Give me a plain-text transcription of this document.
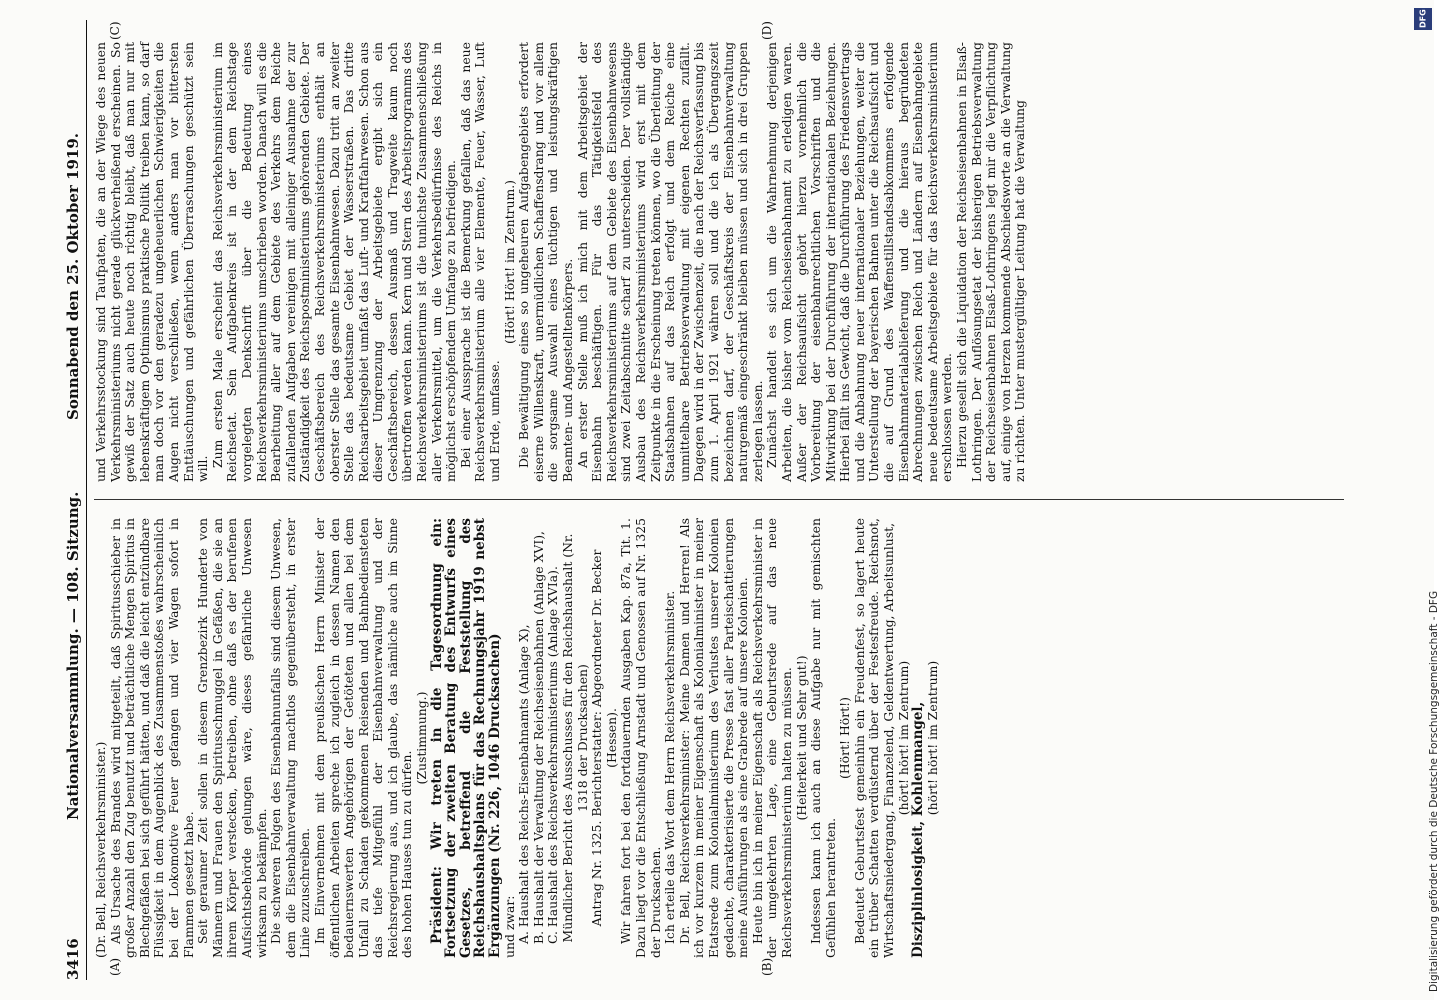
3416
Nationalversammlung. — 108. Sitzung.
Sonnabend den 25. Oktober 1919.
(A)	(B)
(C)	(D)

(Dr. Bell, Reichsverkehrsminister.) Als Ursache des Brandes wird mitgeteilt, daß Spiritusschieber in großer Anzahl den Zug benutzt und beträchtliche Mengen Spiritus in Blechgefäßen bei sich geführt hätten, und daß die leicht entzündbare Flüssigkeit in dem Augenblick des Zusammenstoßes wahrscheinlich bei der Lokomotive Feuer gefangen und vier Wagen sofort in Flammen gesetzt habe. Seit geraumer Zeit sollen in diesem Grenzbezirk Hunderte von Männern und Frauen den Spiritusschmuggel in Gefäßen, die sie an ihrem Körper verstecken, betreiben, ohne daß es der berufenen Aufsichtsbehörde gelungen wäre, dieses gefährliche Unwesen wirksam zu bekämpfen. Die schweren Folgen des Eisenbahnunfalls sind diesem Unwesen, dem die Eisenbahnverwaltung machtlos gegenübersteht, in erster Linie zuzuschreiben. Im Einvernehmen mit dem preußischen Herrn Minister der öffentlichen Arbeiten spreche ich zugleich in dessen Namen den bedauernswerten Angehörigen der Getöteten und allen bei dem Unfall zu Schaden gekommenen Reisenden und Bahnbediensteten das tiefe Mitgefühl der Eisenbahnverwaltung und der Reichsregierung aus, und ich glaube, das nämliche auch im Sinne des hohen Hauses tun zu dürfen.

(Zustimmung.) Präsident: Wir treten in die Tagesordnung ein: Fortsetzung der zweiten Beratung des Entwurfs eines Gesetzes, betreffend die Feststellung des Reichshaushaltsplans für das Rechnungsjahr 1919 nebst Ergänzungen (Nr. 226, 1046 Drucksachen)

und zwar: A. Haushalt des Reichs-Eisenbahnamts (Anlage X), B. Haushalt der Verwaltung der Reichseisenbahnen (Anlage XVI), C. Haushalt des Reichsverkehrsministeriums (Anlage XVIa). Mündlicher Bericht des Ausschusses für den Reichshaushalt (Nr. 1318 der Drucksachen) Antrag Nr. 1325. Berichterstatter: Abgeordneter Dr. Becker (Hessen). Wir fahren fort bei den fortdauernden Ausgaben Kap. 87a, Tit. 1. Dazu liegt vor die Entschließung Arnstadt und Genossen auf Nr. 1325 der Drucksachen. Ich erteile das Wort dem Herrn Reichsverkehrsminister. Dr. Bell, Reichsverkehrsminister: Meine Damen und Herren! Als ich vor kurzem in meiner Eigenschaft als Kolonialminister in meiner Etatsrede zum Kolonialministerium des Verlustes unserer Kolonien gedachte, charakterisierte die Presse fast aller Parteischattierungen meine Ausführungen als eine Grabrede auf unsere Kolonien. Heute bin ich in meiner Eigenschaft als Reichsverkehrsminister in der umgekehrten Lage, eine Geburtsrede auf das neue Reichsverkehrsministerium halten zu müssen. (Heiterkeit und Sehr gut!) Indessen kann ich auch an diese Aufgabe nur mit gemischten Gefühlen herantreten.

(Hört! Hört!) Bedeutet Geburtsfest gemeinhin ein Freudenfest, so lagert heute ein trüber Schatten verdüsternd über der Festesfreude. Reichsnot, Wirtschaftsniedergang, Finanzelend, Geldentwertung, Arbeitsunlust, (hört! hört! im Zentrum) Disziplinlosigkeit, Kohlenmangel,

(hört! hört! im Zentrum)

und Verkehrsstockung sind Taufpaten, die an der Wiege des neuen Verkehrsministeriums nicht gerade glückverheißend erscheinen. So gewiß der Satz auch heute noch richtig bleibt, daß man nur mit lebenskräftigem Optimismus praktische Politik treiben kann, so darf man doch vor den geradezu ungeheuerlichen Schwierigkeiten die Augen nicht verschließen, wenn anders man vor bittersten Enttäuschungen und gefährlichen Überraschungen geschützt sein will.

Zum ersten Male erscheint das Reichsverkehrsministerium im Reichsetat. Sein Aufgabenkreis ist in der dem Reichstage vorgelegten Denkschrift über die Bedeutung eines Reichsverkehrsministeriums umschrieben worden. Danach will es die Bearbeitung aller auf dem Gebiete des Verkehrs dem Reiche zufallenden Aufgaben vereinigen mit alleiniger Ausnahme der zur Zuständigkeit des Reichspostministeriums gehörenden Gebiete. Der Geschäftsbereich des Reichsverkehrsministeriums enthält an oberster Stelle das gesamte Eisenbahnwesen. Dazu tritt an zweiter Stelle das bedeutsame Gebiet der Wasserstraßen. Das dritte Reichsarbeitsgebiet umfaßt das Luft- und Kraftfahrwesen. Schon aus dieser Umgrenzung der Arbeitsgebiete ergibt sich ein Geschäftsbereich, dessen Ausmaß und Tragweite kaum noch übertroffen werden kann. Kern und Stern des Arbeitsprogramms des Reichsverkehrsministeriums ist die tunlichste Zusammenschließung aller Verkehrsmittel, um die Verkehrsbedürfnisse des Reichs in möglichst erschöpfendem Umfange zu befriedigen. Bei einer Aussprache ist die Bemerkung gefallen, daß das neue Reichsverkehrsministerium alle vier Elemente, Feuer, Wasser, Luft und Erde, umfasse.

(Hört! Hört! im Zentrum.) Die Bewältigung eines so ungeheuren Aufgabengebiets erfordert eiserne Willenskraft, unermüdlichen Schaffensdrang und vor allem die sorgsame Auswahl eines tüchtigen und leistungskräftigen Beamten- und Angestelltenkörpers. An erster Stelle muß ich mich mit dem Arbeitsgebiet der Eisenbahn beschäftigen. Für das Tätigkeitsfeld des Reichsverkehrsministeriums auf dem Gebiete des Eisenbahnwesens sind zwei Zeitabschnitte scharf zu unterscheiden. Der vollständige Ausbau des Reichsverkehrsministeriums wird erst mit dem Zeitpunkte in die Erscheinung treten können, wo die Überleitung der Staatsbahnen auf das Reich erfolgt und dem Reiche eine unmittelbare Betriebsverwaltung mit eigenen Rechten zufällt. Dagegen wird in der Zwischenzeit, die nach der Reichsverfassung bis zum 1. April 1921 währen soll und die ich als Übergangszeit bezeichnen darf, der Geschäftskreis der Eisenbahnverwaltung naturgemäß eingeschränkt bleiben müssen und sich in drei Gruppen zerlegen lassen. Zunächst handelt es sich um die Wahrnehmung derjenigen Arbeiten, die bisher vom Reichseisenbahnamt zu erledigen waren. Außer der Reichsaufsicht gehört hierzu vornehmlich die Vorbereitung der eisenbahnrechtlichen Vorschriften und die Mitwirkung bei der Durchführung der internationalen Beziehungen. Hierbei fällt ins Gewicht, daß die Durchführung des Friedensvertrags und die Anbahnung neuer internationaler Beziehungen, weiter die Unterstellung der bayerischen Bahnen unter die Reichsaufsicht und die auf Grund des Waffenstillstandsabkommens erfolgende Eisenbahnmaterialablieferung und die hieraus begründeten Abrechnungen zwischen Reich und Ländern auf Eisenbahngebiete neue bedeutsame Arbeitsgebiete für das Reichsverkehrsministerium erschlossen werden. Hierzu gesellt sich die Liquidation der Reichseisenbahnen in Elsaß-Lothringen. Der Auflösungsetat der bisherigen Betriebsverwaltung der Reichseisenbahnen Elsaß-Lothringens legt mir die Verpflichtung auf, einige von Herzen kommende Abschiedsworte an die Verwaltung zu richten. Unter mustergültiger Leitung hat die Verwaltung

DFG
Digitalisierung gefördert durch die Deutsche Forschungsgemeinschaft - DFG
